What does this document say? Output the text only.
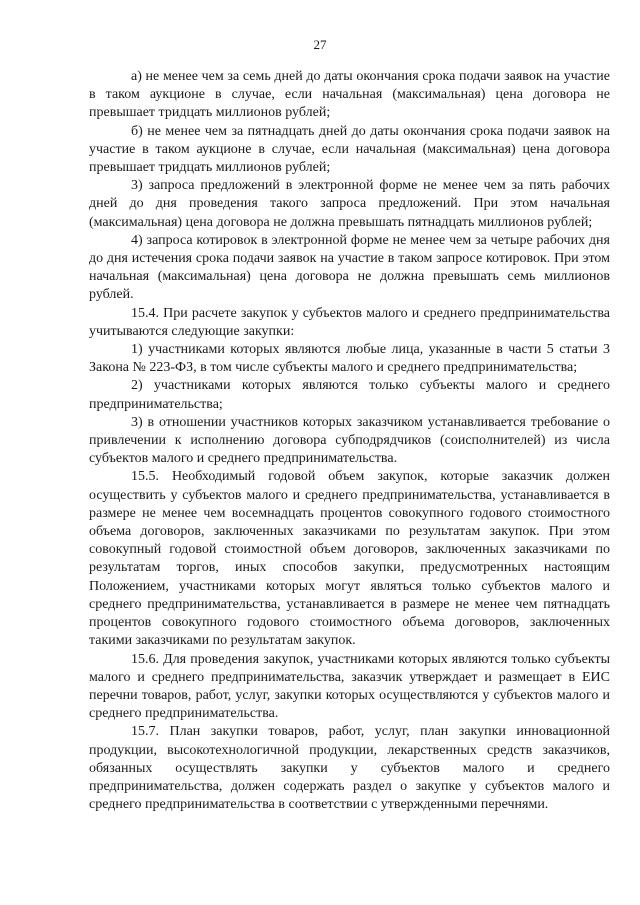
27

а) не менее чем за семь дней до даты окончания срока подачи заявок на участие в таком аукционе в случае, если начальная (максимальная) цена договора не превышает тридцать миллионов рублей;

б) не менее чем за пятнадцать дней до даты окончания срока подачи заявок на участие в таком аукционе в случае, если начальная (максимальная) цена договора превышает тридцать миллионов рублей;

3) запроса предложений в электронной форме не менее чем за пять рабочих дней до дня проведения такого запроса предложений. При этом начальная (максимальная) цена договора не должна превышать пятнадцать миллионов рублей;

4) запроса котировок в электронной форме не менее чем за четыре рабочих дня до дня истечения срока подачи заявок на участие в таком запросе котировок. При этом начальная (максимальная) цена договора не должна превышать семь миллионов рублей.

15.4. При расчете закупок у субъектов малого и среднего предпринимательства учитываются следующие закупки:

1) участниками которых являются любые лица, указанные в части 5 статьи 3 Закона № 223-ФЗ, в том числе субъекты малого и среднего предпринимательства;

2) участниками которых являются только субъекты малого и среднего предпринимательства;

3) в отношении участников которых заказчиком устанавливается требование о привлечении к исполнению договора субподрядчиков (соисполнителей) из числа субъектов малого и среднего предпринимательства.

15.5. Необходимый годовой объем закупок, которые заказчик должен осуществить у субъектов малого и среднего предпринимательства, устанавливается в размере не менее чем восемнадцать процентов совокупного годового стоимостного объема договоров, заключенных заказчиками по результатам закупок. При этом совокупный годовой стоимостной объем договоров, заключенных заказчиками по результатам торгов, иных способов закупки, предусмотренных настоящим Положением, участниками которых могут являться только субъектов малого и среднего предпринимательства, устанавливается в размере не менее чем пятнадцать процентов совокупного годового стоимостного объема договоров, заключенных такими заказчиками по результатам закупок.

15.6. Для проведения закупок, участниками которых являются только субъекты малого и среднего предпринимательства, заказчик утверждает и размещает в ЕИС перечни товаров, работ, услуг, закупки которых осуществляются у субъектов малого и среднего предпринимательства.

15.7. План закупки товаров, работ, услуг, план закупки инновационной продукции, высокотехнологичной продукции, лекарственных средств заказчиков, обязанных осуществлять закупки у субъектов малого и среднего предпринимательства, должен содержать раздел о закупке у субъектов малого и среднего предпринимательства в соответствии с утвержденными перечнями.
